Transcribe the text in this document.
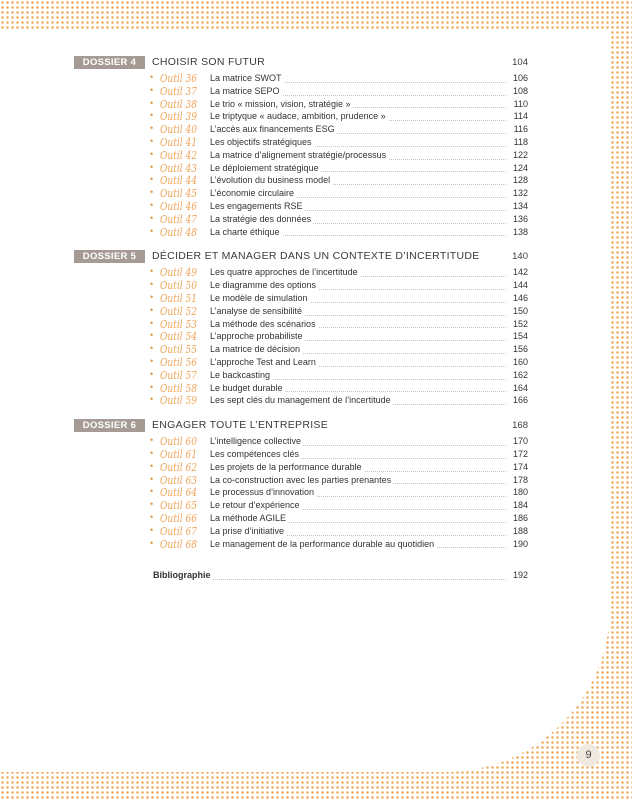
DOSSIER 4	CHOISIR SON FUTUR	104
• Outil 36 La matrice SWOT	106
• Outil 37 La matrice SEPO	108
• Outil 38 Le trio « mission, vision, stratégie »	110
• Outil 39 Le triptyque « audace, ambition, prudence »	114
• Outil 40 L’accès aux financements ESG	116
• Outil 41 Les objectifs stratégiques	118
• Outil 42 La matrice d’alignement stratégie/processus	122
• Outil 43 Le déploiement stratégique	124
• Outil 44 L’évolution du business model	128
• Outil 45 L’économie circulaire	132
• Outil 46 Les engagements RSE	134
• Outil 47 La stratégie des données	136
• Outil 48 La charte éthique	138
DOSSIER 5	DÉCIDER ET MANAGER DANS UN CONTEXTE D’INCERTITUDE	140
• Outil 49 Les quatre approches de l’incertitude	142
• Outil 50 Le diagramme des options	144
• Outil 51 Le modèle de simulation	146
• Outil 52 L’analyse de sensibilité	150
• Outil 53 La méthode des scénarios	152
• Outil 54 L’approche probabiliste	154
• Outil 55 La matrice de décision	156
• Outil 56 L’approche Test and Learn	160
• Outil 57 Le backcasting	162
• Outil 58 Le budget durable	164
• Outil 59 Les sept clés du management de l’incertitude	166
DOSSIER 6	ENGAGER TOUTE L’ENTREPRISE	168
• Outil 60 L’intelligence collective	170
• Outil 61 Les compétences clés	172
• Outil 62 Les projets de la performance durable	174
• Outil 63 La co-construction avec les parties prenantes	178
• Outil 64 Le processus d’innovation	180
• Outil 65 Le retour d’expérience	184
• Outil 66 La méthode AGILE	186
• Outil 67 La prise d’initiative	188
• Outil 68 Le management de la performance durable au quotidien	190
Bibliographie	192
9
